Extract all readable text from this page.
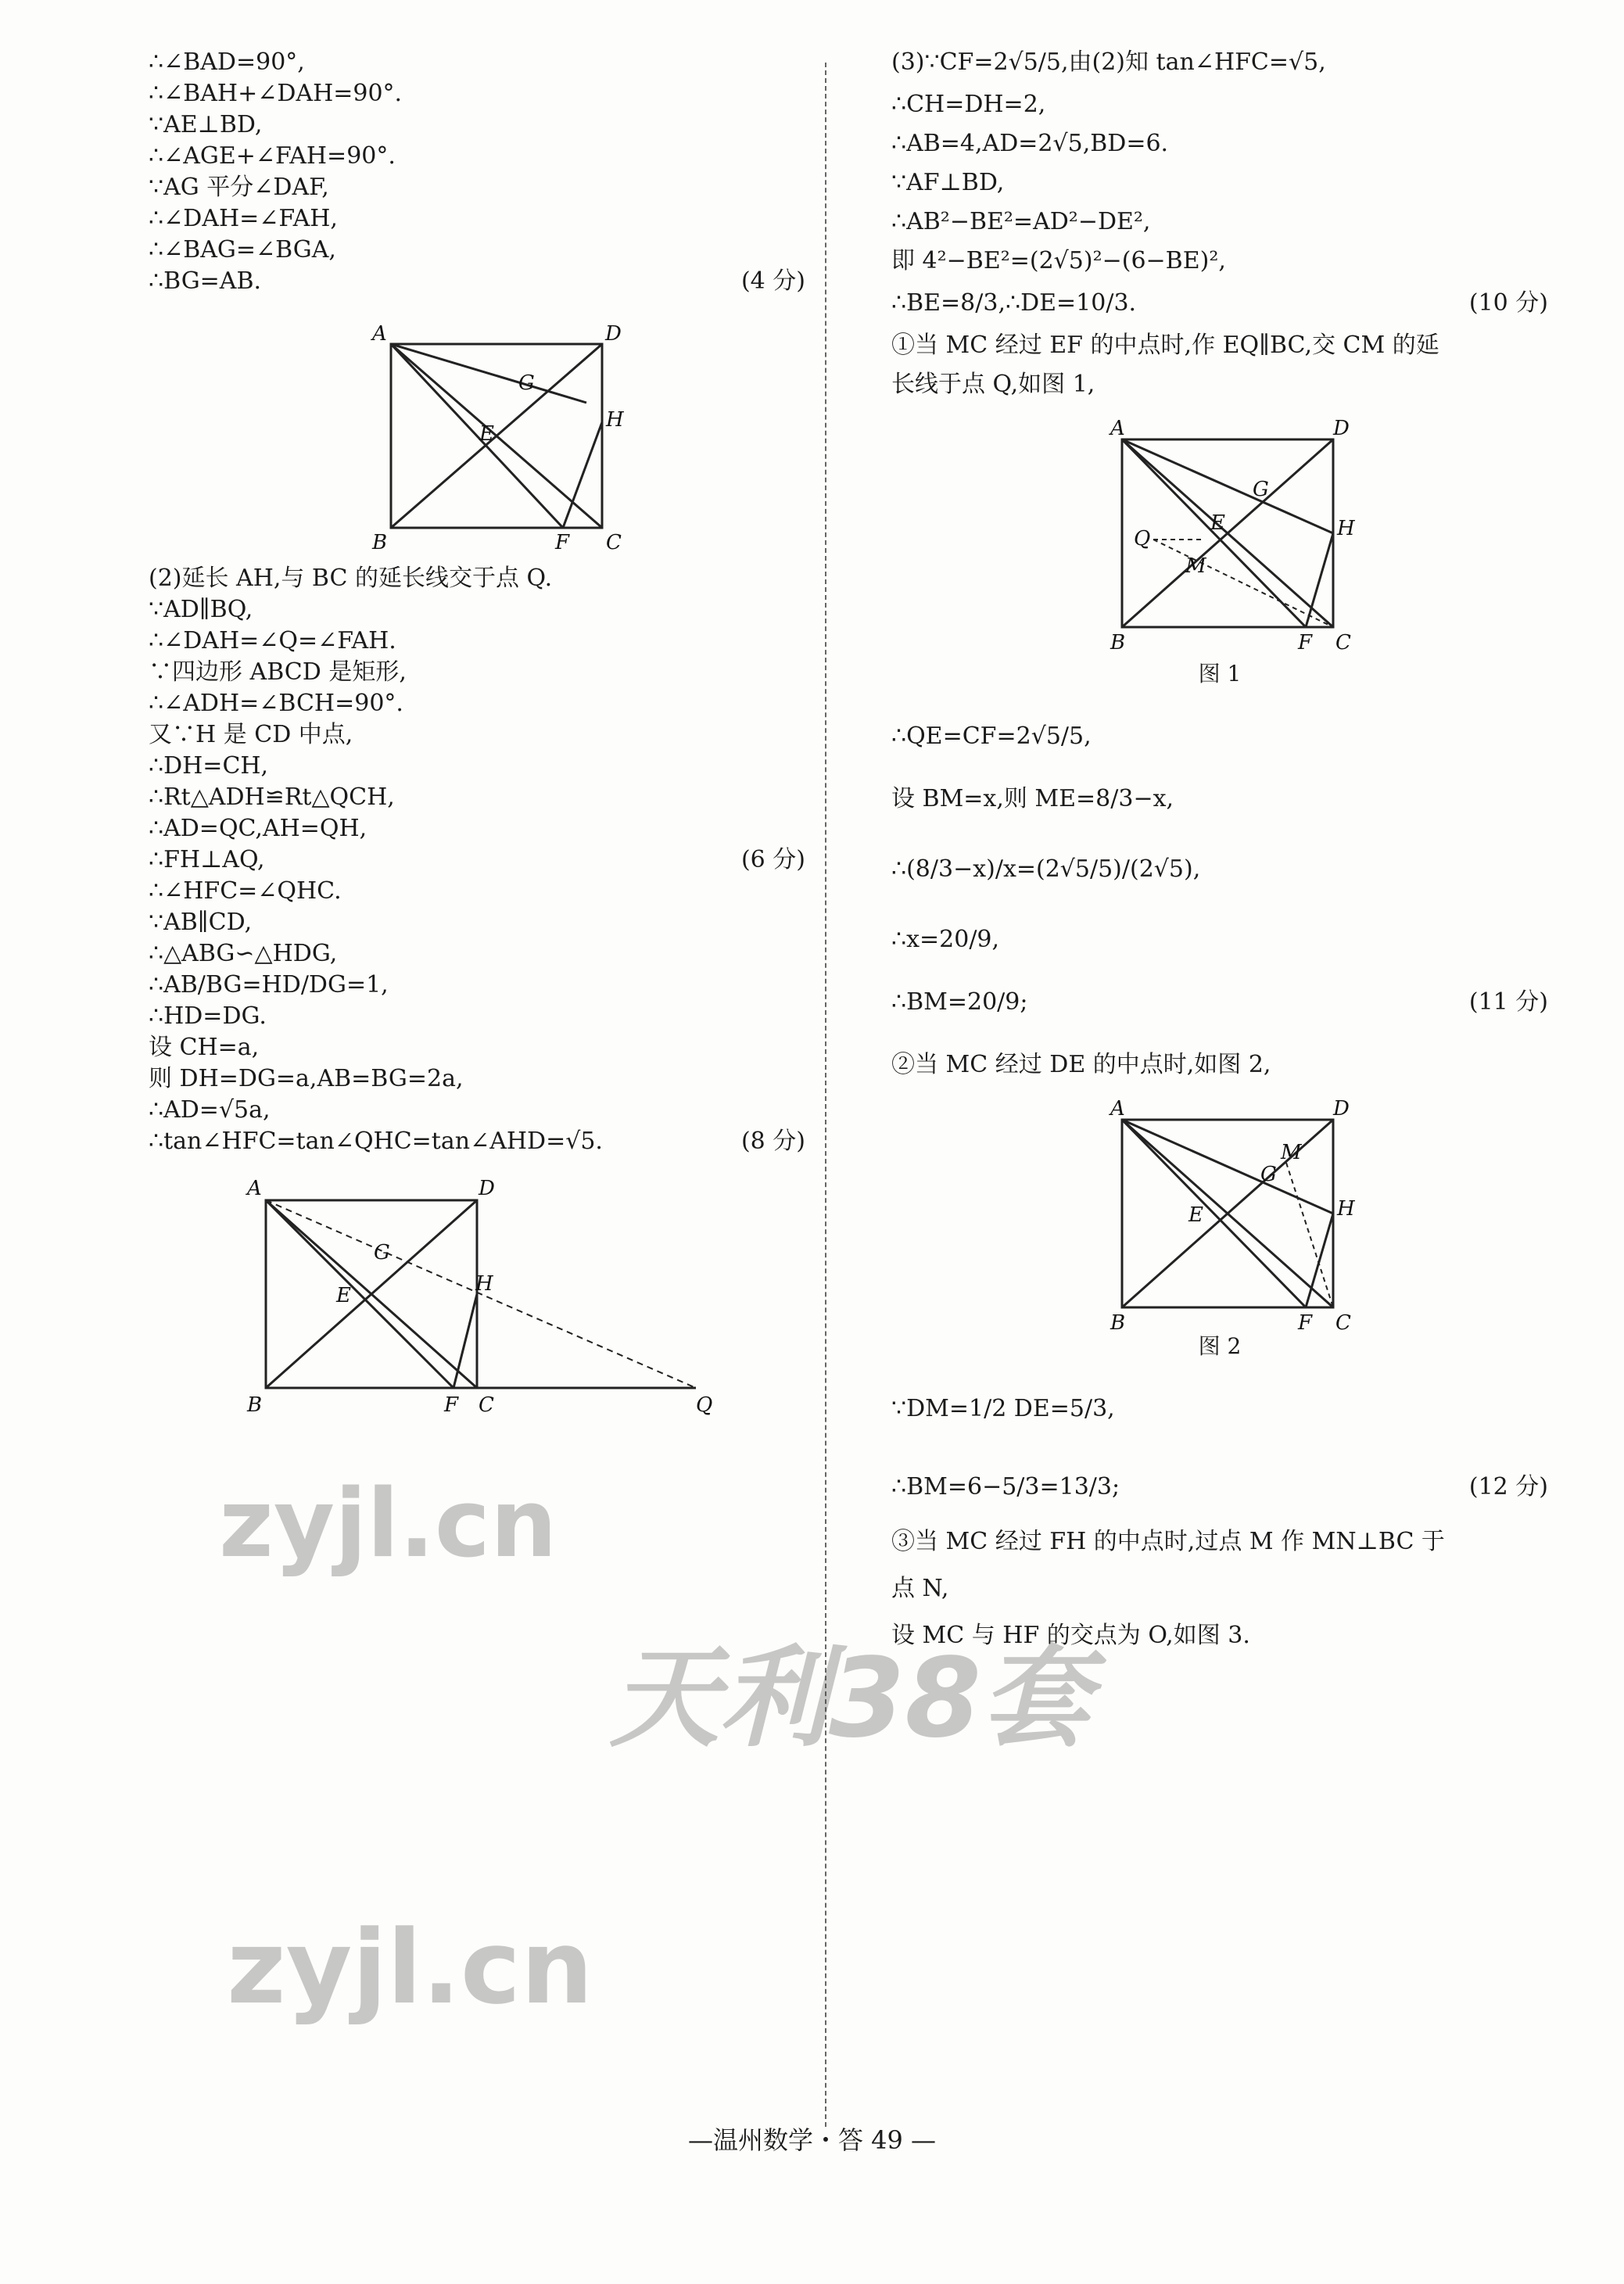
∴∠BAD=90°,
∴∠BAH+∠DAH=90°.
∵AE⊥BD,
∴∠AGE+∠FAH=90°.
∵AG 平分∠DAF,
∴∠DAH=∠FAH,
∴∠BAG=∠BGA,
∴BG=AB.	(4 分)
A	D
B	C
F
E
G
H
(2)延长 AH,与 BC 的延长线交于点 Q.
∵AD∥BQ,
∴∠DAH=∠Q=∠FAH.
∵四边形 ABCD 是矩形,
∴∠ADH=∠BCH=90°.
又∵H 是 CD 中点,
∴DH=CH,
∴Rt△ADH≌Rt△QCH,
∴AD=QC,AH=QH,
∴FH⊥AQ,	(6 分)
∴∠HFC=∠QHC.
∵AB∥CD,
∴△ABG∽△HDG,
∴AB/BG=HD/DG=1,
∴HD=DG.
设 CH=a,
则 DH=DG=a,AB=BG=2a,
∴AD=√5a,
∴tan∠HFC=tan∠QHC=tan∠AHD=√5.	(8 分)
A	D
B	C
F
E
G
H
Q
(3)∵CF=2√5/5,由(2)知 tan∠HFC=√5,
∴CH=DH=2,
∴AB=4,AD=2√5,BD=6.
∵AF⊥BD,
∴AB²−BE²=AD²−DE²,
即 4²−BE²=(2√5)²−(6−BE)²,
∴BE=8/3,∴DE=10/3.	(10 分)
①当 MC 经过 EF 的中点时,作 EQ∥BC,交 CM 的延
长线于点 Q,如图 1,
A	D
B	C
F
E
G
H
Q
M
图 1
∴QE=CF=2√5/5,
设 BM=x,则 ME=8/3−x,
∴(8/3−x)/x=(2√5/5)/(2√5),
∴x=20/9,
∴BM=20/9;	(11 分)
②当 MC 经过 DE 的中点时,如图 2,
A	D
B	C
F
E
G
H
M
图 2
∵DM=1/2 DE=5/3,
∴BM=6−5/3=13/3;	(12 分)
③当 MC 经过 FH 的中点时,过点 M 作 MN⊥BC 于
点 N,
设 MC 与 HF 的交点为 O,如图 3.
zyjl.cn
zyjl.cn
天利38套
—温州数学・答 49 —
